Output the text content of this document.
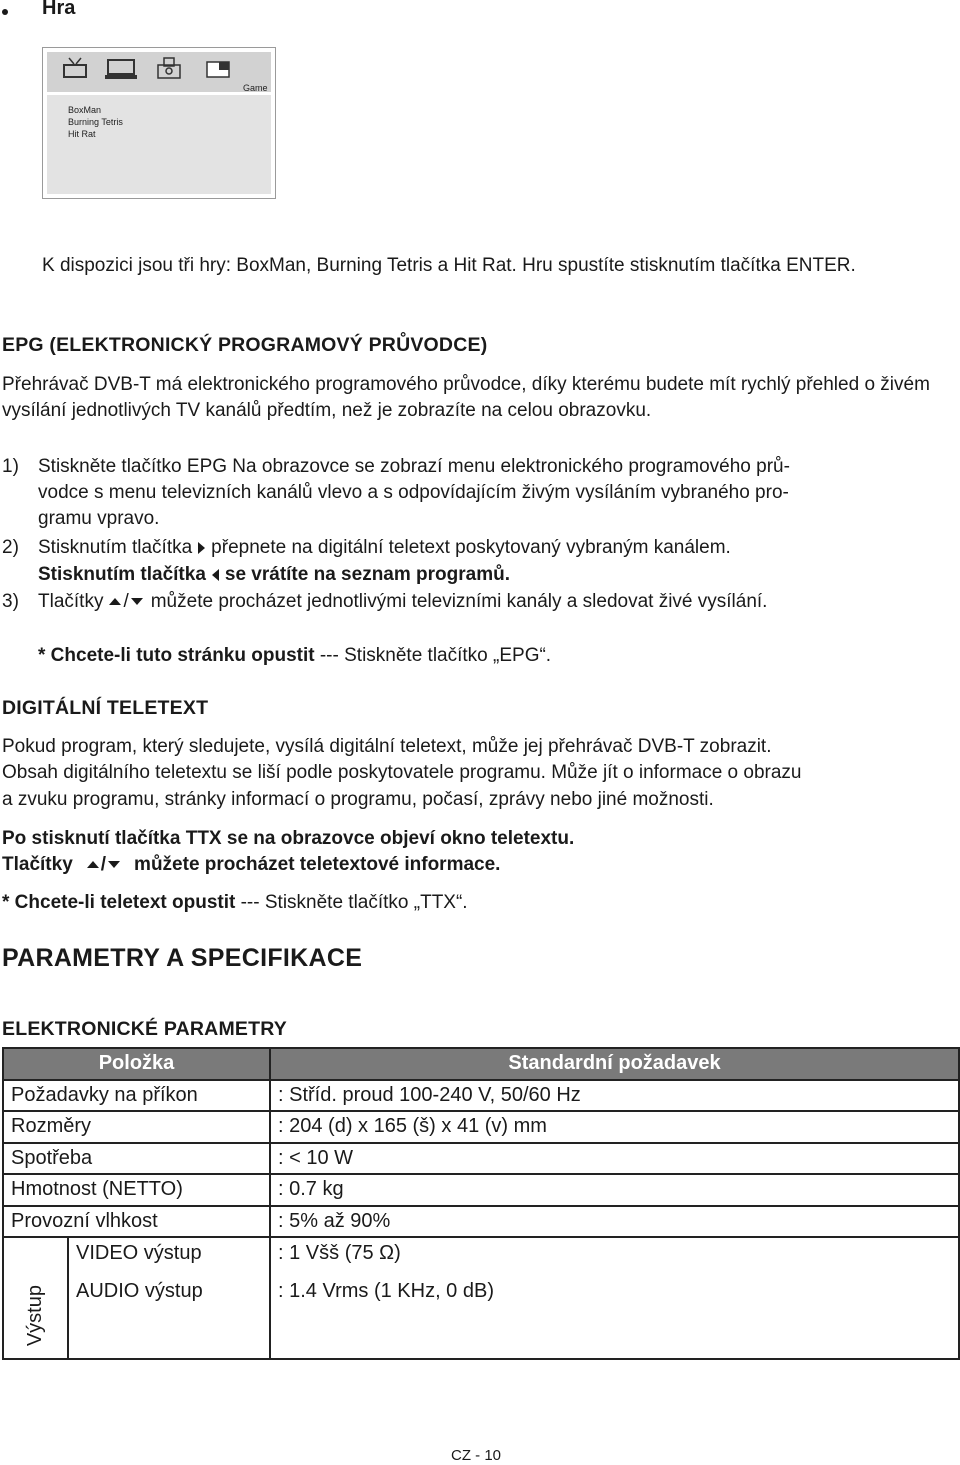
Hra
Game
BoxMan
Burning Tetris
Hit Rat

K dispozici jsou tři hry: BoxMan, Burning Tetris a Hit Rat. Hru spustíte stisknutím tlačítka ENTER.

EPG (ELEKTRONICKÝ PROGRAMOVÝ PRŮVODCE)

Přehrávač DVB-T má elektronického programového průvodce, díky kterému budete mít rychlý přehled o živém vysílání jednotlivých TV kanálů předtím, než je zobrazíte na celou obrazovku.

1) Stiskněte tlačítko EPG Na obrazovce se zobrazí menu elektronického programového prů-
vodce s menu televizních kanálů vlevo a s odpovídajícím živým vysíláním vybraného pro-
gramu vpravo.
2) Stisknutím tlačítka přepnete na digitální teletext poskytovaný vybraným kanálem.
Stisknutím tlačítka se vrátíte na seznam programů.
3) Tlačítky / můžete procházet jednotlivými televizními kanály a sledovat živé vysílání.
* Chcete-li tuto stránku opustit --- Stiskněte tlačítko „EPG“.
DIGITÁLNÍ TELETEXT
Pokud program, který sledujete, vysílá digitální teletext, může jej přehrávač DVB-T zobrazit.
Obsah digitálního teletextu se liší podle poskytovatele programu. Může jít o informace o obrazu
a zvuku programu, stránky informací o programu, počasí, zprávy nebo jiné možnosti.
Po stisknutí tlačítka TTX se na obrazovce objeví okno teletextu.
Tlačítky / můžete procházet teletextové informace.
* Chcete-li teletext opustit --- Stiskněte tlačítko „TTX“.
PARAMETRY A SPECIFIKACE
ELEKTRONICKÉ PARAMETRY
Položka		Standardní požadavek
Požadavky na příkon		: Stříd. proud 100-240 V, 50/60 Hz
Rozměry		: 204 (d) x 165 (š) x 41 (v) mm
Spotřeba		: < 10 W
Hmotnost (NETTO)		: 0.7 kg
Provozní vlhkost		: 5% až 90%
Výstup	VIDEO výstup	: 1 Všš (75 Ω)
	AUDIO výstup	: 1.4 Vrms (1 KHz, 0 dB)
CZ - 10
